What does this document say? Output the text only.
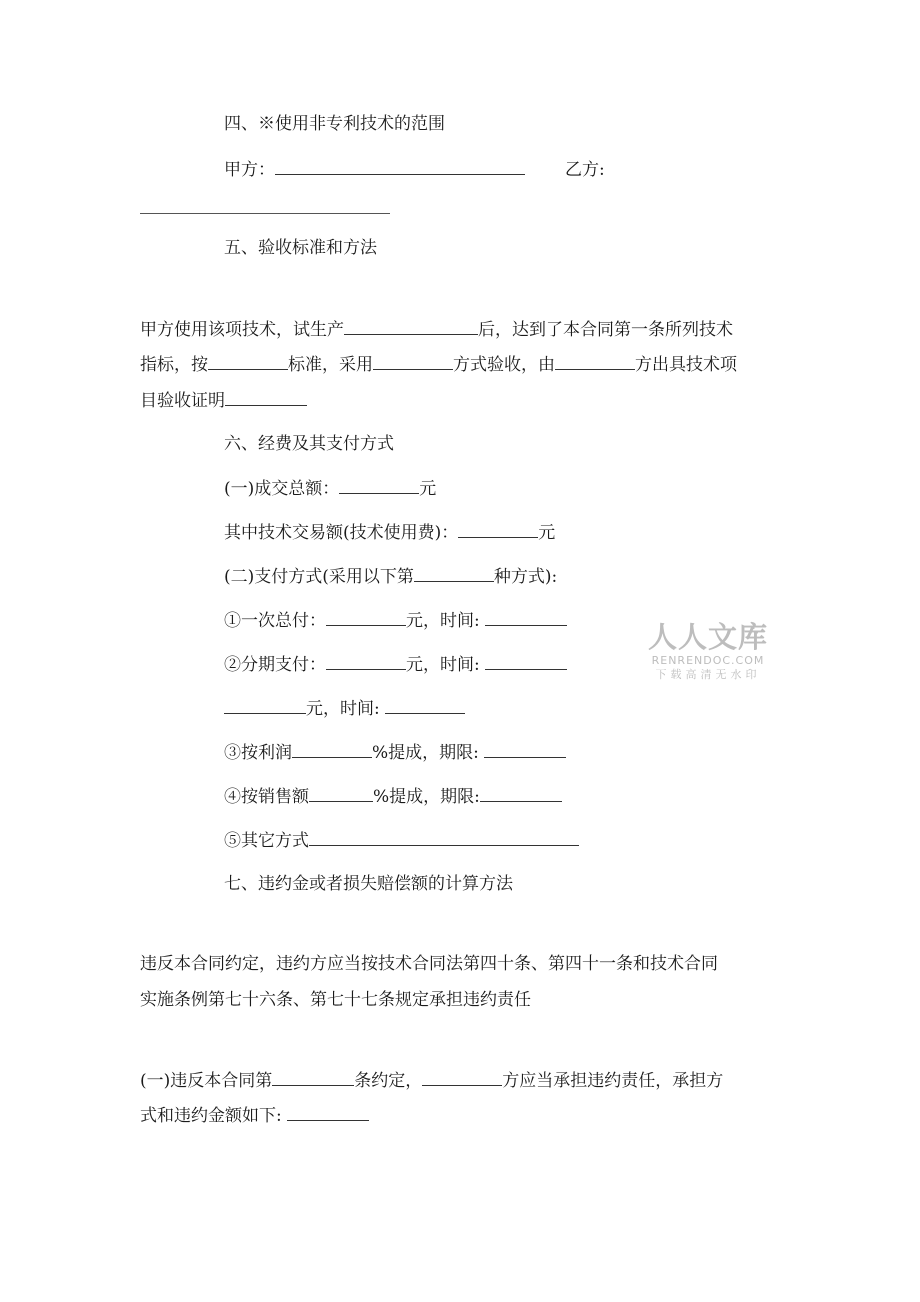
四、※使用非专利技术的范围
甲方：	乙方:
五、验收标准和方法
甲方使用该项技术，试生产	后，达到了本合同第一条所列技术
指标，按	标准，采用	方式验收，由	方出具技术项
目验收证明
六、经费及其支付方式
(一)成交总额：	元
其中技术交易额(技术使用费)：	元
(二)支付方式(采用以下第	种方式):
①一次总付：	元，时间:
②分期支付：	元，时间:
元，时间:
③按利润	%提成，期限:
④按销售额	%提成，期限:
⑤其它方式
七、违约金或者损失赔偿额的计算方法
违反本合同约定，违约方应当按技术合同法第四十条、第四十一条和技术合同
实施条例第七十六条、第七十七条规定承担违约责任
(一)违反本合同第	条约定，	方应当承担违约责任，承担方
式和违约金额如下:
人人文库
RENRENDOC.COM
下载高清无水印
